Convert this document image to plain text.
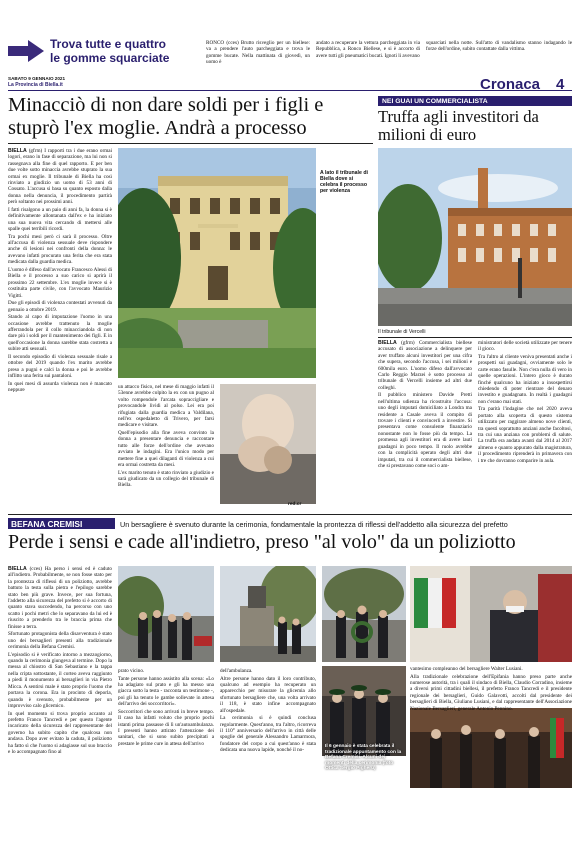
Trova tutte e quattro
le gomme squarciate

RONCO (cces) Brutto risveglio per un biellese: va a prendere l'auto parcheggiata e trova le gomme bucate. Nella mattinata di giovedì, un uomo è

andato a recuperare la vettura parcheggiata in via Repubblica, a Ronco Biellese, e si è accorto di avere tutti gli pneumatici bucati. Ignoti li avevano

squarciati nella notte. Sull'atto di vandalismo stanno indagando le forze dell'ordine, subito contattate dalla vittima.

SABATO 9 GENNAIO 2021
La Provincia di Biella.it	Cronaca 4
Minacciò di non dare soldi per i figli e stuprò l'ex moglie. Andrà a processo

BIELLA (gfrm) I rapporti tra i due erano ormai logori, erano in fase di separazione, ma lui non si rassegnava alla fine di quel rapporto. E per ben due volte sotto minaccia avrebbe stuprato la sua ormai ex moglie. Il tribunale di Biella ha così rinviato a giudizio un uomo di 53 anni di Cossato. L'accusa si basa su quanto esposto dalla donna nella denuncia, il procedimento partirà però soltanto nei prossimi anni.

I fatti risalgono a un paio di anni fa, la donna si è definitivamente allontanata dall'ex e ha iniziato una sua nuova vita cercando di mettersi alle spalle quei terribili ricordi.

Tra pochi mesi però ci sarà il processo. Oltre all'accusa di violenza sessuale deve rispondere anche di lesioni nei confronti della donna: le avevano infatti procurato una ferita che era stata medicata dalla guardia medica.

L'uomo è difeso dall'avvocato Francesco Alessi di Biella e il processo a suo carico si aprirà il prossimo 22 settembre. L'ex moglie invece si è costituita parte civile, con l'avvocato Maurizio Vigitti.

Due gli episodi di violenza contestati avvenuti da gennaio a ottobre 2019.

Stando al capo di imputazione l'uomo in una occasione avrebbe trattenuto la moglie afferrandola per il collo minacciandola di non dare più i soldi per il mantenimento dei figli. E in quell'occasione la donna sarebbe stata costretta a subire atti sessuali.

Il secondo episodio di violenza sessuale risale a ottobre del 2019 quando l'ex marito avrebbe preso a pugni e calci la donna e poi le avrebbe inflitto una ferita sui pantaloni.

In quei mesi di assurda violenza non è mancato neppure	un attacco fisico, nel mese di maggio infatti il 53enne avrebbe colpito la ex con un pugno al volto rompendole l'arcata sopraccigliare e provocandole lividi al polso. Lei era poi rifugiata dalla guardia medica a Valdilana, nell'ex ospedaletto di Trivero, per farsi medicare e visitare.

Quell'episodio alla fine aveva convinto la donna a presentare denuncia e raccontare tutto alle forze dell'ordine che avevano avviato le indagini. Era l'unico modo per mettere fine a quei dilaganti di violenza a cui era ormai costretta da mesi.

L'ex marito tenuto è stato rinviato a giudizio e sarà giudicato da un collegio del tribunale di Biella.

red.cr
A lato il tribunale di Biella dove si celebra il processo per violenza
NEI GUAI UN COMMERCIALISTA
Truffa agli investitori da milioni di euro
Il tribunale di Vercelli

BIELLA (gfrm) Commercialista biellese accusato di associazione a delinquere per aver truffato alcuni investitori per una cifra che supera, secondo l'accusa, i sei milioni e 600mila euro. L'uomo difeso dall'avvocato Carlo Reggio Marzei è sotto processo al tribunale di Vercelli insieme ad altri due colleghi.

Il pubblico ministero Davide Pretti nell'ultima udienza ha ricostruito l'accusa: uno degli imputati domiciliato a Londra ma residente a Casale aveva il compito di trovare i clienti e convincerli a investire. Si presentava come consulente finanziario nonostante non lo fosse più da tempo. La promessa agli investitori era di avere lauti guadagni in poco tempo. Il ruolo avrebbe con la complicità operato degli altri due imputati, tra cui il commercialista biellese, che si prestavano come soci o am-

ministratori delle società utilizzate per tenere il gioco.

Tra l'altro al cliente veniva presentati anche i prospetti sui guadagni, ovviamente solo le carte erano fasulle. Non c'era nulla di vero in quelle operazioni. L'intero gioco è durato finché qualcuno ha iniziato a insospettirsi chiedendo di poter rientrare del denaro investito e guadagnato. In realtà i guadagni non c'erano mai stati.

Tra parità l'indagine che nel 2020 aveva portato alla scoperta di questo sistema utilizzato per raggirare almeno nove clienti, tra questi soprattutto anziani anche facoltosi, tra cui una anziana con problemi di salute. La truffa era andata avanti dal 2014 al 2017 almeno e quanto appurato dalla magistratura, il procedimento riprenderà in primavera con i tre che dovranno comparire in aula.

BEFANA CREMISI	Un bersagliere è svenuto durante la cerimonia, fondamentale la prontezza di riflessi dell'addetto alla sicurezza del prefetto
Perde i sensi e cade all'indietro, preso "al volo" da un poliziotto

BIELLA (cces) Ha perso i sensi ed è caduto all'indietro. Probabilmente, se non fosse stato per la prontezza di riflessi di un poliziotto, avrebbe battuto la testa sulla pietra e l'epilogo sarebbe stato ben più grave. Invece, per sua fortuna, l'addetto alla sicurezza del prefetto si è accorto di quanto stava succedendo, ha percorso con uno scatto i pochi metri che lo separavano da lui ed è riuscito a prenderlo tra le braccia prima che finisse a terra.

Sfortunato protagonista della disavventura è stato uno dei bersaglieri presenti alla tradizionale cerimonia della Befana Cremisi.

L'episodio si è verificato intorno a mezzogiorno, quando la cerimonia giungeva al termine. Dopo la messa al chiostro di San Sebastiano e la tappa nella cripta sottostante, il corteo aveva raggiunto a piedi il monumento ai bersaglieri in via Pietro Micca. A sentirsi male è stato proprio l'uomo che portava la corona. Era in procinto di deporla, quando è svenuto, probabilmente per un improvviso calo glicemico.

In quel momento si trova proprio accanto al prefetto Franco Tancredi e per questo l'agente incaricato della sicurezza del rappresentante del governo ha subito capito che qualcosa non andava. Dopo aver evitato la caduta, il poliziotto ha fatto sì che l'uomo si adagiasse sul suo braccio e lo accompagnato fino al

Il 6 gennaio è stata celebrata il tradizionale appuntamento con la Befana Cremisi. Alcuni dei momenti della cerimonia (foto Ottica Sergio Pigheru)

prato vicino.

Tante persone hanno assistito alla scena: «Lo ha adagiato sul prato e gli ha messo una giacca sotto la testa - racconta un testimone -, poi gli ha tenuto le gambe sollevate in attesa dell'arrivo dei soccorritori».

Soccorritori che sono arrivati in breve tempo. Il caso ha infatti voluto che proprio pochi istanti prima passasse di lì un'autoambulanza. I presenti hanno attirato l'attenzione dei sanitari, che si sono subito precipitati a prestare le prime cure in attesa dell'arrivo

dell'ambulanza.

Altre persone hanno dato il loro contributo, qualcuno ad esempio ha recuperato un apparecchio per misurare la glicemia allo sfortunato bersagliere che, una volta arrivato il 118, è stato infine accompagnato all'ospedale.

La cerimonia si è quindi conclusa regolarmente. Quest'anno, tra l'altro, ricorreva il 110° anniversario dell'arrivo in città delle spoglie del generale Alessandro Lamarmora, fondatore del corpo a cui quest'anno è stata dedicata una nuova lapide, nonché il no-

vantesimo compleanno del bersagliere Walter Lusiani.

Alla tradizionale celebrazione dell'Epifania hanno preso parte anche numerose autorità, tra i quali il sindaco di Biella, Claudio Corradino, insieme a diversi primi cittadini biellesi, il prefetto Franco Tancredi e il presidente regionale dei bersaglieri, Guido Galavotti, accolti dal presidente dei bersaglieri di Biella, Giuliano Lusiani, e dal rappresentante dell'Associazione Nazionale Bersaglieri, generale Antonio Pennino.
